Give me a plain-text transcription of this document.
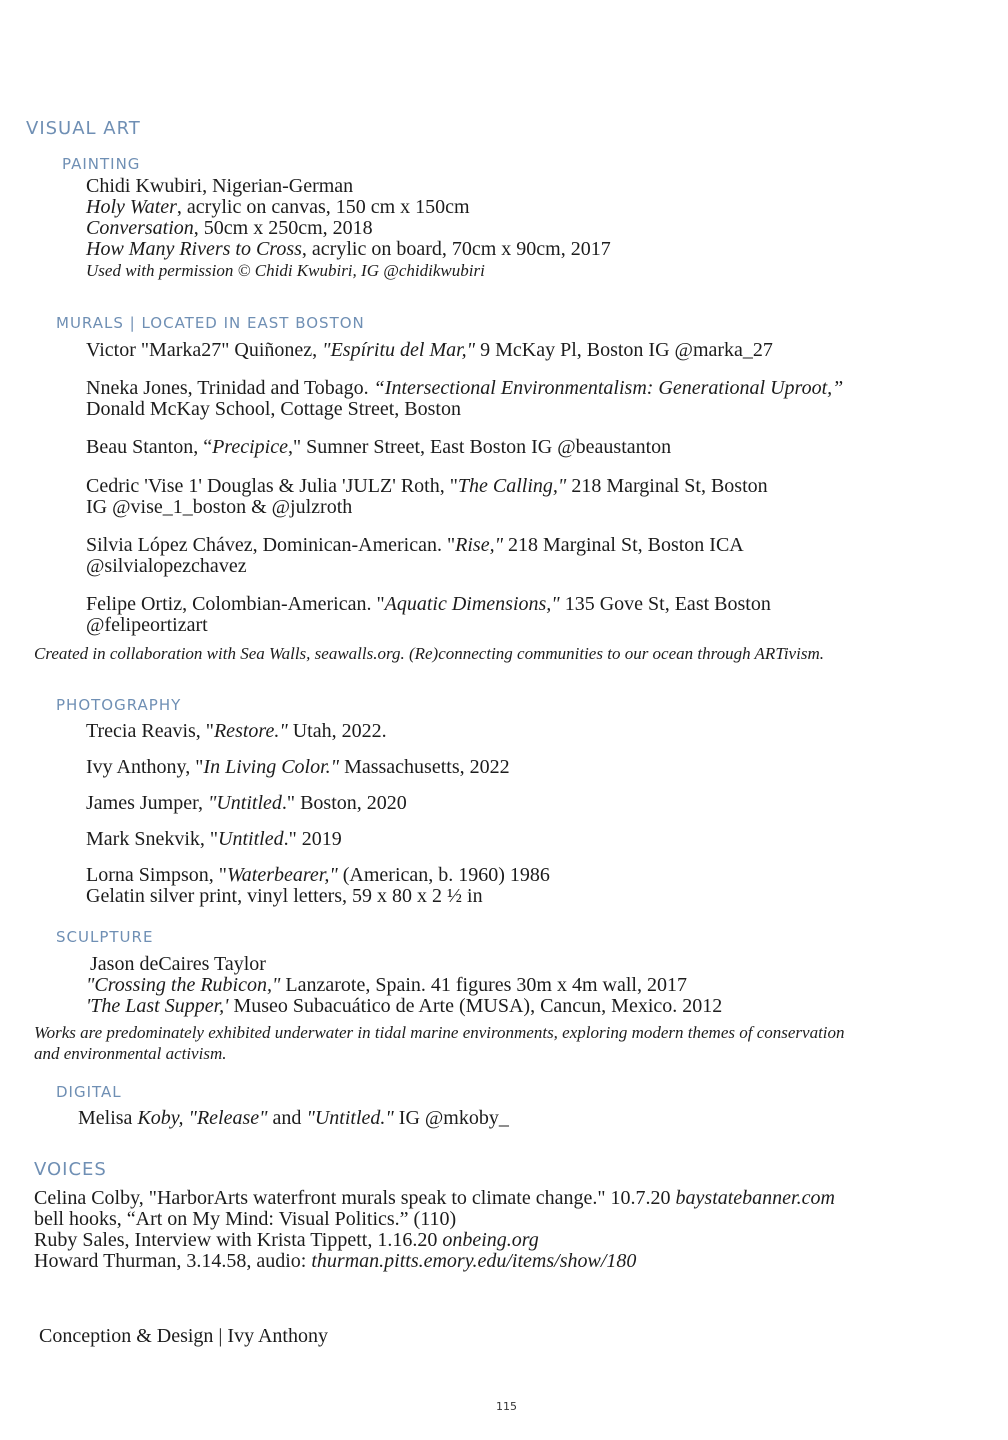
VISUAL ART
PAINTING
Chidi Kwubiri, Nigerian-German
Holy Water, acrylic on canvas, 150 cm x 150cm
Conversation, 50cm x 250cm, 2018
How Many Rivers to Cross, acrylic on board, 70cm x 90cm, 2017
Used with permission © Chidi Kwubiri, IG @chidikwubiri
MURALS | LOCATED IN EAST BOSTON
Victor "Marka27" Quiñonez, "Espíritu del Mar," 9 McKay Pl, Boston IG @marka_27
Nneka Jones, Trinidad and Tobago. “Intersectional Environmentalism: Generational Uproot,”
Donald McKay School, Cottage Street, Boston
Beau Stanton, “Precipice," Sumner Street, East Boston IG @beaustanton
Cedric 'Vise 1' Douglas & Julia 'JULZ' Roth, "The Calling," 218 Marginal St, Boston
IG @vise_1_boston & @julzroth
Silvia López Chávez, Dominican-American. "Rise," 218 Marginal St, Boston ICA
@silvialopezchavez
Felipe Ortiz, Colombian-American. "Aquatic Dimensions," 135 Gove St, East Boston
@felipeortizart
Created in collaboration with Sea Walls, seawalls.org. (Re)connecting communities to our ocean through ARTivism.
PHOTOGRAPHY
Trecia Reavis, "Restore." Utah, 2022.
Ivy Anthony, "In Living Color." Massachusetts, 2022
James Jumper, "Untitled." Boston, 2020
Mark Snekvik, "Untitled." 2019
Lorna Simpson, "Waterbearer," (American, b. 1960) 1986
Gelatin silver print, vinyl letters, 59 x 80 x 2 ½ in
SCULPTURE
Jason deCaires Taylor
"Crossing the Rubicon," Lanzarote, Spain. 41 figures 30m x 4m wall, 2017
'The Last Supper,' Museo Subacuático de Arte (MUSA), Cancun, Mexico. 2012
Works are predominately exhibited underwater in tidal marine environments, exploring modern themes of conservation
and environmental activism.
DIGITAL
Melisa Koby, "Release" and "Untitled." IG @mkoby_
VOICES
Celina Colby, "HarborArts waterfront murals speak to climate change." 10.7.20 baystatebanner.com
bell hooks, “Art on My Mind: Visual Politics.” (110)
Ruby Sales, Interview with Krista Tippett, 1.16.20 onbeing.org
Howard Thurman, 3.14.58, audio: thurman.pitts.emory.edu/items/show/180
Conception & Design | Ivy Anthony
115
